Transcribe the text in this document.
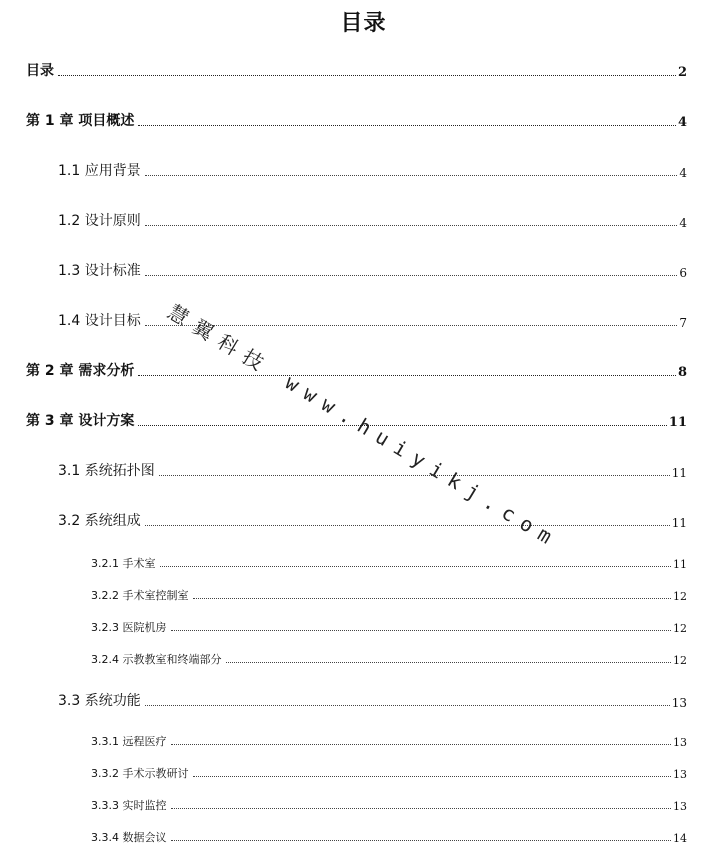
目录
目录	2
第 1 章 项目概述	4
1.1 应用背景	4
1.2 设计原则	4
1.3 设计标准	6
1.4 设计目标	7
第 2 章 需求分析	8
第 3 章 设计方案	11
3.1 系统拓扑图	11
3.2 系统组成	11
3.2.1 手术室	11
3.2.2 手术室控制室	12
3.2.3 医院机房	12
3.2.4 示教教室和终端部分	12
3.3 系统功能	13
3.3.1 远程医疗	13
3.3.2 手术示教研讨	13
3.3.3 实时监控	13
3.3.4 数据会议	14
慧翼科技 www.huiyikj.com
